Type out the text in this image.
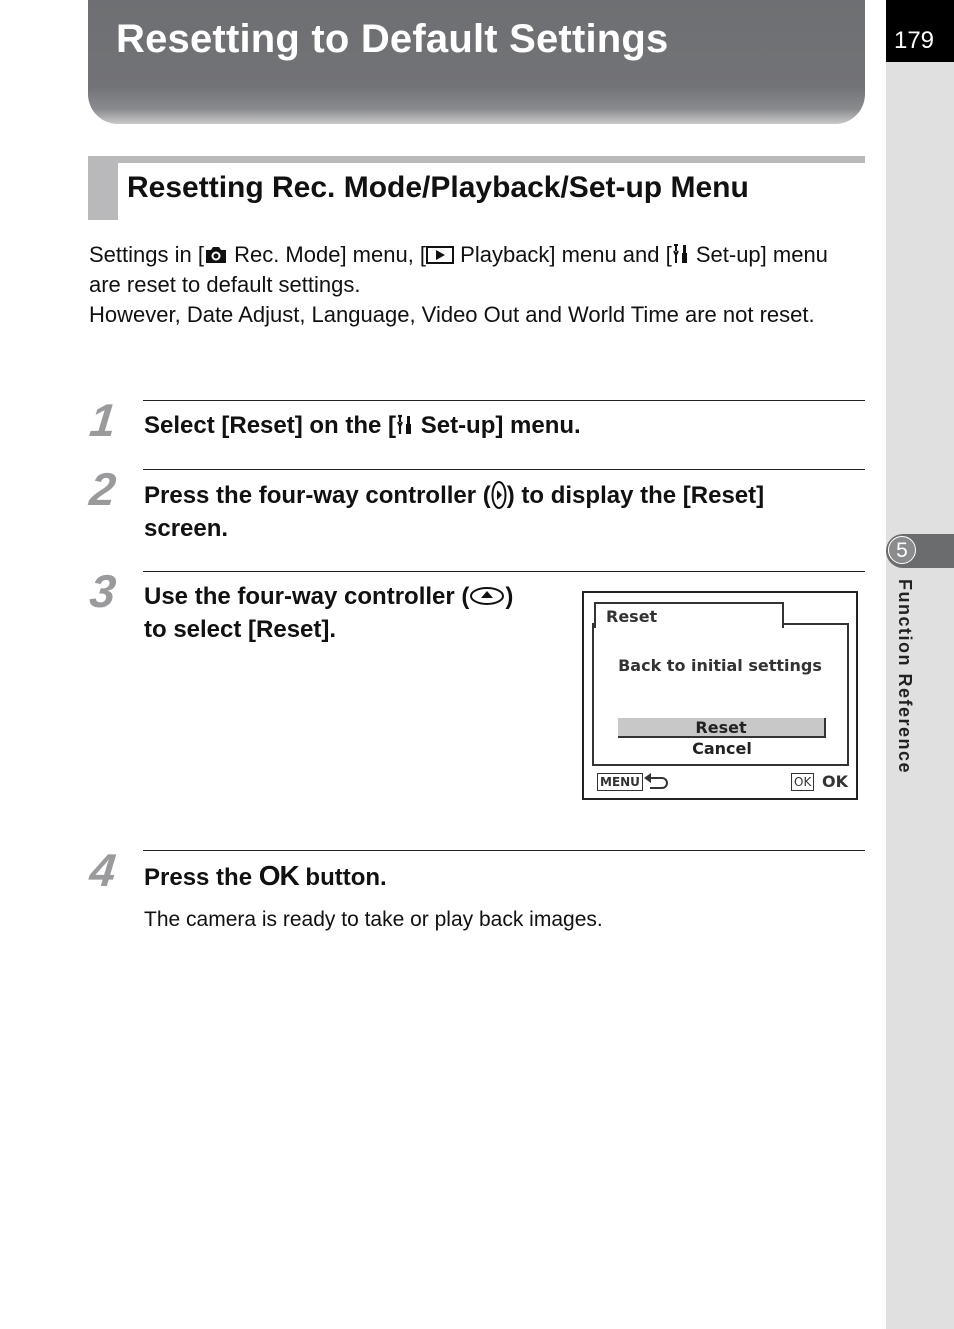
Resetting to Default Settings	179
5
Function Reference
Resetting Rec. Mode/Playback/Set-up Menu
Settings in [ Rec. Mode] menu, [ Playback] menu and [ Set-up] menu are reset to default settings.
However, Date Adjust, Language, Video Out and World Time are not reset.
1 Select [Reset] on the [ Set-up] menu.
2 Press the four-way controller ( ) to display the [Reset] screen.
3 Use the four-way controller ( ) to select [Reset].	Reset
Back to initial settings
Reset
Cancel
MENU	OK OK
4 Press the OK button.
The camera is ready to take or play back images.
